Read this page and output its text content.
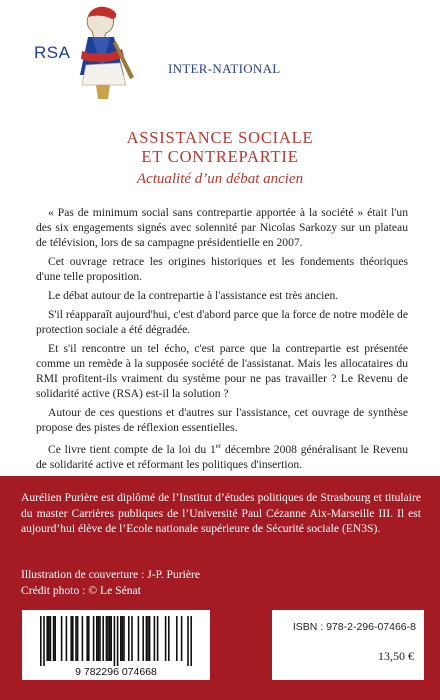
RSA
INTER-NATIONAL
ASSISTANCE SOCIALE
ET CONTREPARTIE
Actualité d’un débat ancien

« Pas de minimum social sans contrepartie apportée à la société » était l'un des six engagements signés avec solennité par Nicolas Sarkozy sur un plateau de télévision, lors de sa campagne présidentielle en 2007.

Cet ouvrage retrace les origines historiques et les fondements théoriques d'une telle proposition.

Le débat autour de la contrepartie à l'assistance est très ancien.

S'il réapparaît aujourd'hui, c'est d'abord parce que la force de notre modèle de protection sociale a été dégradée.

Et s'il rencontre un tel écho, c'est parce que la contrepartie est présentée comme un remède à la supposée société de l'assistanat. Mais les allocataires du RMI profitent-ils vraiment du système pour ne pas travailler ? Le Revenu de solidarité active (RSA) est-il la solution ?

Autour de ces questions et d'autres sur l'assistance, cet ouvrage de synthèse propose des pistes de réflexion essentielles.

Ce livre tient compte de la loi du 1er décembre 2008 généralisant le Revenu de solidarité active et réformant les politiques d'insertion.

Aurélien Purière est diplômé de l’Institut d’études politiques de Strasbourg et titulaire du master Carrières publiques de l’Université Paul Cézanne Aix-Marseille III. Il est aujourd’hui élève de l’Ecole nationale supérieure de Sécurité sociale (EN3S).

Illustration de couverture : J-P. Purière

Crédit photo : © Le Sénat

9 782296 074668
ISBN : 978-2-296-07466-8
13,50 €
